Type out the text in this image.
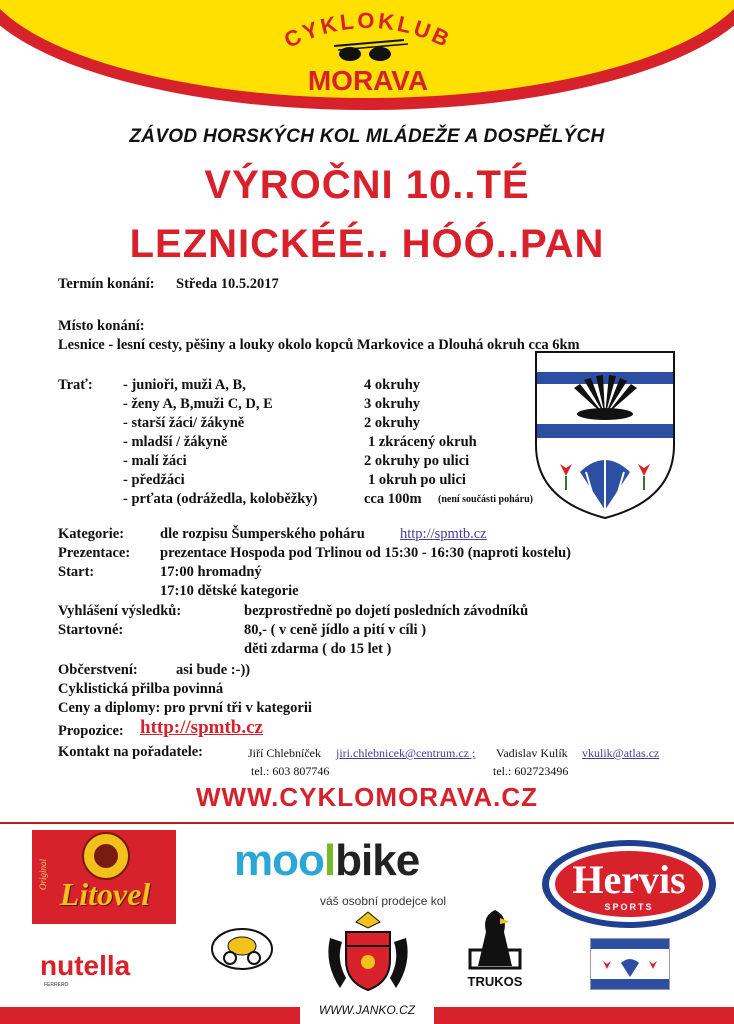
CYKLOKLUB
MORAVA
ZÁVOD HORSKÝCH KOL MLÁDEŽE A DOSPĚLÝCH
VÝROČNI 10..TÉ
LEZNICKÉÉ.. HÓÓ..PAN
Termín konání: Středa 10.5.2017
Místo konání:
Lesnice - lesní cesty, pěšiny a louky okolo kopců Markovice a Dlouhá okruh cca 6km
Trať: - junioři, muži A, B,	4 okruhy
- ženy A, B,muži C, D, E	3 okruhy
- starší žáci/ žákyně	2 okruhy
- mladší / žákyně	1 zkrácený okruh
- malí žáci	2 okruhy po ulici
- předžáci	1 okruh po ulici
- prťata (odrážedla, koloběžky)	cca 100m (není součásti poháru)
Kategorie: dle rozpisu Šumperského poháru http://spmtb.cz
Prezentace: prezentace Hospoda pod Trlinou od 15:30 - 16:30 (naproti kostelu)
Start:	17:00 hromadný
17:10 dětské kategorie
Vyhlášení výsledků:	bezprostředně po dojetí posledních závodníků
Startovné:	80,- ( v ceně jídlo a pití v cíli )
děti zdarma ( do 15 let )
Občerstvení:	asi bude :-))
Cyklistická přilba povinná
Ceny a diplomy: pro první tři v kategorii
Propozice: http://spmtb.cz
Kontakt na pořadatele:	Jiří Chlebníček jiri.chlebnicek@centrum.cz ;
tel.: 603 807746
Vadislav Kulík vkulik@atlas.cz
tel.: 602723496
WWW.CYKLOMORAVA.CZ
Original
Litovel
moolbike
váš osobní prodejce kol	Hervis
SPORTS
nutella
FERRERO	TRUKOS
WWW.JANKO.CZ
